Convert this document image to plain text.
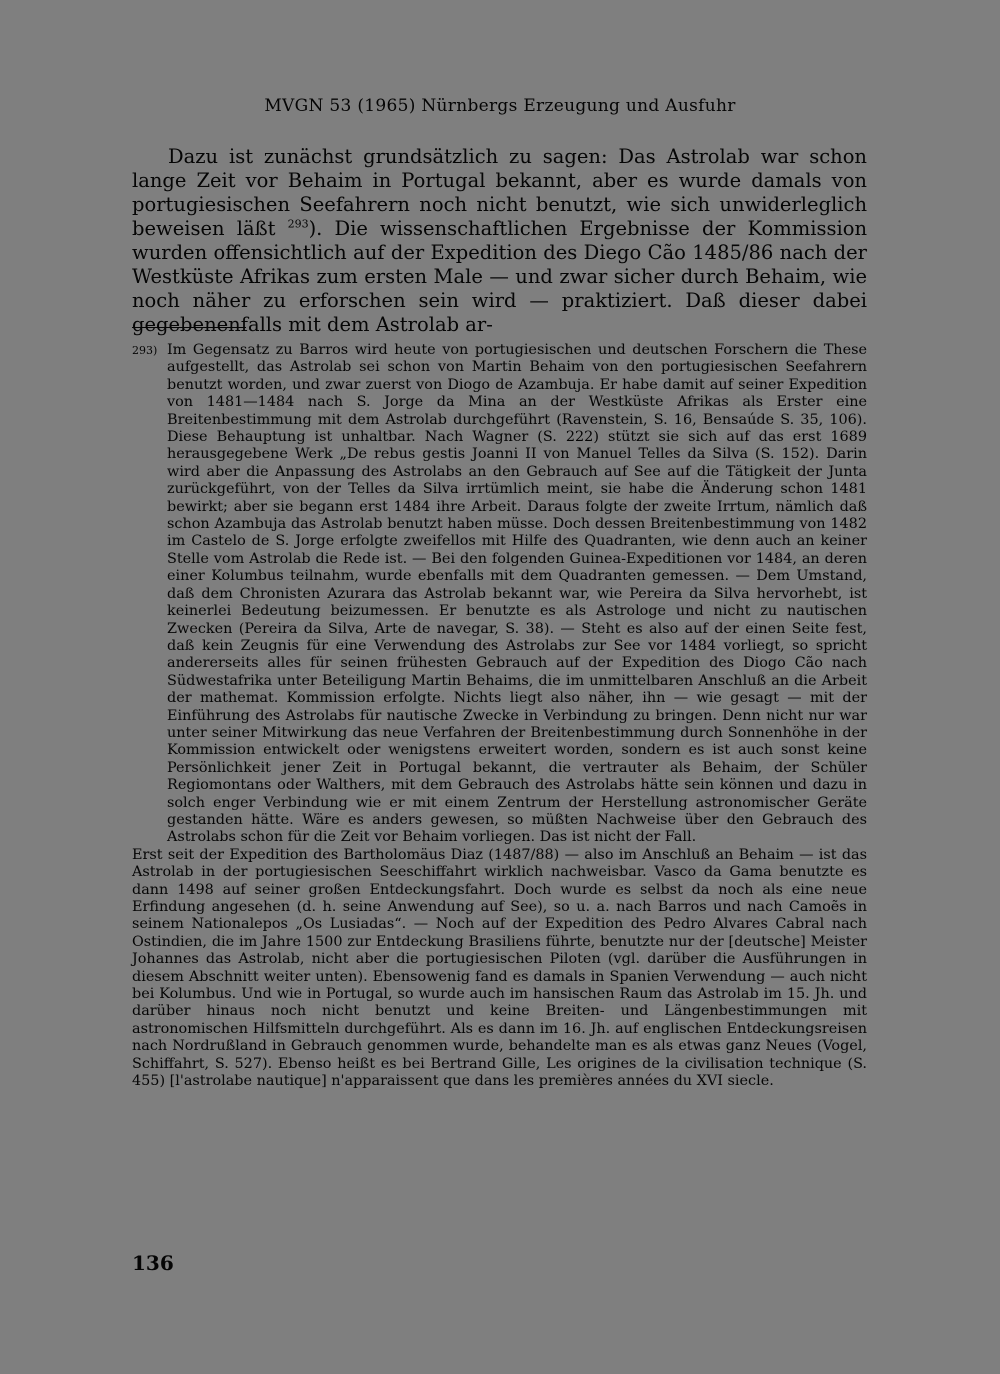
MVGN 53 (1965) Nürnbergs Erzeugung und Ausfuhr

Dazu ist zunächst grundsätzlich zu sagen: Das Astrolab war schon lange Zeit vor Behaim in Portugal bekannt, aber es wurde damals von portugiesischen Seefahrern noch nicht benutzt, wie sich unwiderleglich beweisen läßt $^{293}$). Die wissenschaftlichen Ergebnisse der Kommission wurden offensichtlich auf der Expedition des Diego Cão 1485/86 nach der Westküste Afrikas zum ersten Male — und zwar sicher durch Behaim, wie noch näher zu erforschen sein wird — praktiziert. Daß dieser dabei gegebenenfalls mit dem Astrolab ar-

293) Im Gegensatz zu Barros wird heute von portugiesischen und deutschen Forschern die These aufgestellt, das Astrolab sei schon von Martin Behaim von den portugiesischen Seefahrern benutzt worden, und zwar zuerst von Diogo de Azambuja. Er habe damit auf seiner Expedition von 1481—1484 nach S. Jorge da Mina an der Westküste Afrikas als Erster eine Breitenbestimmung mit dem Astrolab durchgeführt (Ravenstein, S. 16, Bensaúde S. 35, 106). Diese Behauptung ist unhaltbar. Nach Wagner (S. 222) stützt sie sich auf das erst 1689 herausgegebene Werk „De rebus gestis Joanni II von Manuel Telles da Silva (S. 152). Darin wird aber die Anpassung des Astrolabs an den Gebrauch auf See auf die Tätigkeit der Junta zurückgeführt, von der Telles da Silva irrtümlich meint, sie habe die Änderung schon 1481 bewirkt; aber sie begann erst 1484 ihre Arbeit. Daraus folgte der zweite Irrtum, nämlich daß schon Azambuja das Astrolab benutzt haben müsse. Doch dessen Breitenbestimmung von 1482 im Castelo de S. Jorge erfolgte zweifellos mit Hilfe des Quadranten, wie denn auch an keiner Stelle vom Astrolab die Rede ist. — Bei den folgenden Guinea-Expeditionen vor 1484, an deren einer Kolumbus teilnahm, wurde ebenfalls mit dem Quadranten gemessen. — Dem Umstand, daß dem Chronisten Azurara das Astrolab bekannt war, wie Pereira da Silva hervorhebt, ist keinerlei Bedeutung beizumessen. Er benutzte es als Astrologe und nicht zu nautischen Zwecken (Pereira da Silva, Arte de navegar, S. 38). — Steht es also auf der einen Seite fest, daß kein Zeugnis für eine Verwendung des Astrolabs zur See vor 1484 vorliegt, so spricht andererseits alles für seinen frühesten Gebrauch auf der Expedition des Diogo Cão nach Südwestafrika unter Beteiligung Martin Behaims, die im unmittelbaren Anschluß an die Arbeit der mathemat. Kommission erfolgte. Nichts liegt also näher, ihn — wie gesagt — mit der Einführung des Astrolabs für nautische Zwecke in Verbindung zu bringen. Denn nicht nur war unter seiner Mitwirkung das neue Verfahren der Breitenbestimmung durch Sonnenhöhe in der Kommission entwickelt oder wenigstens erweitert worden, sondern es ist auch sonst keine Persönlichkeit jener Zeit in Portugal bekannt, die vertrauter als Behaim, der Schüler Regiomontans oder Walthers, mit dem Gebrauch des Astrolabs hätte sein können und dazu in solch enger Verbindung wie er mit einem Zentrum der Herstellung astronomischer Geräte gestanden hätte. Wäre es anders gewesen, so müßten Nachweise über den Gebrauch des Astrolabs schon für die Zeit vor Behaim vorliegen. Das ist nicht der Fall.

Erst seit der Expedition des Bartholomäus Diaz (1487/88) — also im Anschluß an Behaim — ist das Astrolab in der portugiesischen Seeschiffahrt wirklich nachweisbar. Vasco da Gama benutzte es dann 1498 auf seiner großen Entdeckungsfahrt. Doch wurde es selbst da noch als eine neue Erfindung angesehen (d. h. seine Anwendung auf See), so u. a. nach Barros und nach Camoẽs in seinem Nationalepos „Os Lusiadas“. — Noch auf der Expedition des Pedro Alvares Cabral nach Ostindien, die im Jahre 1500 zur Entdeckung Brasiliens führte, benutzte nur der [deutsche] Meister Johannes das Astrolab, nicht aber die portugiesischen Piloten (vgl. darüber die Ausführungen in diesem Abschnitt weiter unten). Ebensowenig fand es damals in Spanien Verwendung — auch nicht bei Kolumbus. Und wie in Portugal, so wurde auch im hansischen Raum das Astrolab im 15. Jh. und darüber hinaus noch nicht benutzt und keine Breiten- und Längenbestimmungen mit astronomischen Hilfsmitteln durchgeführt. Als es dann im 16. Jh. auf englischen Entdeckungsreisen nach Nordrußland in Gebrauch genommen wurde, behandelte man es als etwas ganz Neues (Vogel, Schiffahrt, S. 527). Ebenso heißt es bei Bertrand Gille, Les origines de la civilisation technique (S. 455) [l'astrolabe nautique] n'apparaissent que dans les premières années du XVI siecle.

136
